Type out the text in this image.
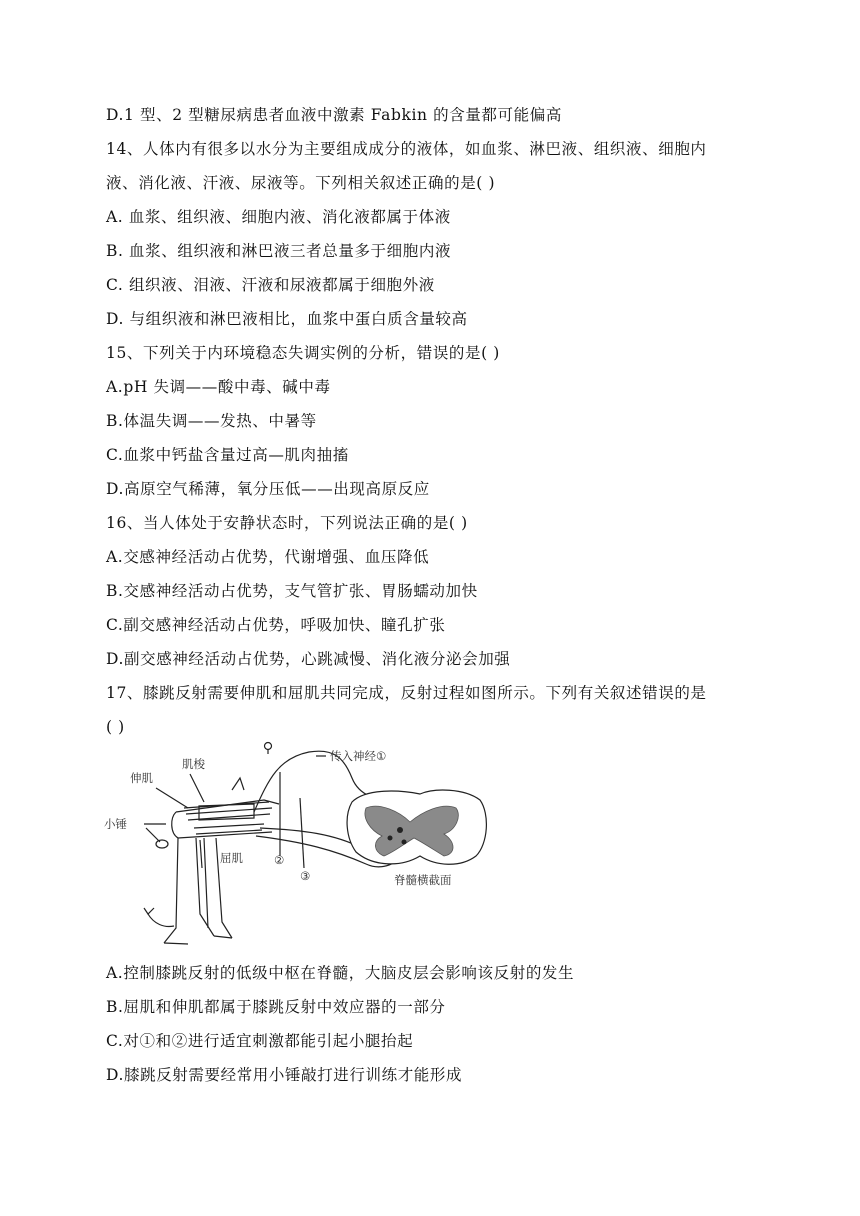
D.1 型、2 型糖尿病患者血液中激素 Fabkin 的含量都可能偏高
14、人体内有很多以水分为主要组成成分的液体，如血浆、淋巴液、组织液、细胞内
液、消化液、汗液、尿液等。下列相关叙述正确的是( )
A. 血浆、组织液、细胞内液、消化液都属于体液
B. 血浆、组织液和淋巴液三者总量多于细胞内液
C. 组织液、泪液、汗液和尿液都属于细胞外液
D. 与组织液和淋巴液相比，血浆中蛋白质含量较高
15、下列关于内环境稳态失调实例的分析，错误的是( )
A.pH 失调——酸中毒、碱中毒
B.体温失调——发热、中暑等
C.血浆中钙盐含量过高—肌肉抽搐
D.高原空气稀薄，氧分压低——出现高原反应
16、当人体处于安静状态时，下列说法正确的是( )
A.交感神经活动占优势，代谢增强、血压降低
B.交感神经活动占优势，支气管扩张、胃肠蠕动加快
C.副交感神经活动占优势，呼吸加快、瞳孔扩张
D.副交感神经活动占优势，心跳减慢、消化液分泌会加强
17、膝跳反射需要伸肌和屈肌共同完成，反射过程如图所示。下列有关叙述错误的是
( )
肌梭
伸肌
小锤
屈肌	②
③
传入神经①
脊髓横截面
A.控制膝跳反射的低级中枢在脊髓，大脑皮层会影响该反射的发生
B.屈肌和伸肌都属于膝跳反射中效应器的一部分
C.对①和②进行适宜刺激都能引起小腿抬起
D.膝跳反射需要经常用小锤敲打进行训练才能形成
